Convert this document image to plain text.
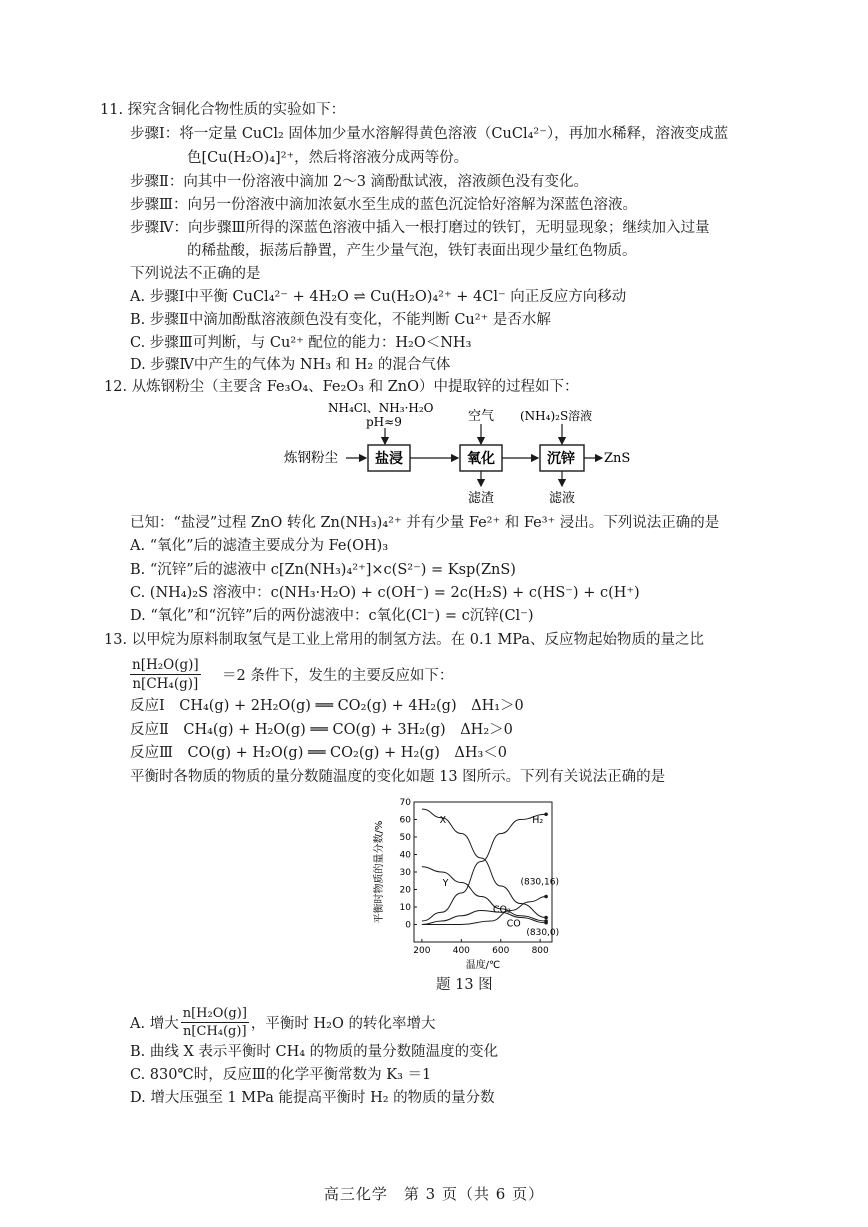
11. 探究含铜化合物性质的实验如下：
步骤Ⅰ：将一定量 CuCl₂ 固体加少量水溶解得黄色溶液（CuCl₄²⁻），再加水稀释，溶液变成蓝
色[Cu(H₂O)₄]²⁺，然后将溶液分成两等份。
步骤Ⅱ：向其中一份溶液中滴加 2～3 滴酚酞试液，溶液颜色没有变化。
步骤Ⅲ：向另一份溶液中滴加浓氨水至生成的蓝色沉淀恰好溶解为深蓝色溶液。
步骤Ⅳ：向步骤Ⅲ所得的深蓝色溶液中插入一根打磨过的铁钉，无明显现象；继续加入过量
的稀盐酸，振荡后静置，产生少量气泡，铁钉表面出现少量红色物质。
下列说法不正确的是
A. 步骤Ⅰ中平衡 CuCl₄²⁻ + 4H₂O ⇌ Cu(H₂O)₄²⁺ + 4Cl⁻ 向正反应方向移动
B. 步骤Ⅱ中滴加酚酞溶液颜色没有变化，不能判断 Cu²⁺ 是否水解
C. 步骤Ⅲ可判断，与 Cu²⁺ 配位的能力：H₂O＜NH₃
D. 步骤Ⅳ中产生的气体为 NH₃ 和 H₂ 的混合气体
12. 从炼钢粉尘（主要含 Fe₃O₄、Fe₂O₃ 和 ZnO）中提取锌的过程如下：
NH₄Cl、NH₃·H₂O
pH≈9	空气 (NH₄)₂S溶液
炼钢粉尘	盐浸	氧化	沉锌 ZnS
滤渣	滤液
已知：“盐浸”过程 ZnO 转化 Zn(NH₃)₄²⁺ 并有少量 Fe²⁺ 和 Fe³⁺ 浸出。下列说法正确的是
A. “氧化”后的滤渣主要成分为 Fe(OH)₃
B. “沉锌”后的滤液中 c[Zn(NH₃)₄²⁺]×c(S²⁻) = Ksp(ZnS)
C. (NH₄)₂S 溶液中：c(NH₃·H₂O) + c(OH⁻) = 2c(H₂S) + c(HS⁻) + c(H⁺)
D. “氧化”和“沉锌”后的两份滤液中：c氧化(Cl⁻) = c沉锌(Cl⁻)
13. 以甲烷为原料制取氢气是工业上常用的制氢方法。在 0.1 MPa、反应物起始物质的量之比
$\frac{\text{n[H₂O(g)]}}{\text{n[CH₄(g)]}} =2$ 条件下，发生的主要反应如下：
反应Ⅰ　CH₄(g) + 2H₂O(g) ══ CO₂(g) + 4H₂(g)　ΔH₁＞0
反应Ⅱ　CH₄(g) + H₂O(g) ══ CO(g) + 3H₂(g)　ΔH₂＞0
反应Ⅲ　CO(g) + H₂O(g) ══ CO₂(g) + H₂(g)　ΔH₃＜0
平衡时各物质的物质的量分数随温度的变化如题 13 图所示。下列有关说法正确的是
0
10
20
30
40
50
60
70
200 400 600 800
温度/℃
平衡时物质的量分数/%
X	H₂
Y
CO₂
CO
(830,16)
(830,0)
题 13 图
A. 增大 $\frac{\text{n[H₂O(g)]}}{\text{n[CH₄(g)]}}$ ，平衡时 H₂O 的转化率增大
B. 曲线 X 表示平衡时 CH₄ 的物质的量分数随温度的变化
C. 830℃时，反应Ⅲ的化学平衡常数为 K₃ ＝1
D. 增大压强至 1 MPa 能提高平衡时 H₂ 的物质的量分数
高三化学　第 3 页（共 6 页）
